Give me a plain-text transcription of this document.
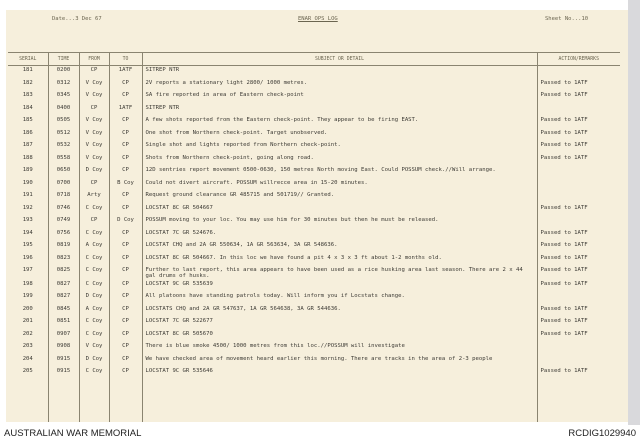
Date...3 Dec 67	ENAR OPS LOG	Sheet No...10
SERIAL	TIME	FROM	TO	SUBJECT OR DETAIL	ACTION/REMARKS
181	0200	CP	1ATF	SITREP NTR	
182	0312	V Coy	CP	2V reports a stationary light 2800/ 1000 metres.	Passed to 1ATF
183	0345	V Coy	CP	SA fire reported in area of Eastern check-point	Passed to 1ATF
184	0400	CP	1ATF	SITREP NTR	
185	0505	V Coy	CP	A few shots reported from the Eastern check-point. They appear to be firing EAST.	Passed to 1ATF
186	0512	V Coy	CP	One shot from Northern check-point. Target unobserved.	Passed to 1ATF
187	0532	V Coy	CP	Single shot and lights reported from Northern check-point.	Passed to 1ATF
188	0558	V Coy	CP	Shots from Northern check-point, going along road.	Passed to 1ATF
189	0650	D Coy	CP	12D sentries report movement 0500-0630, 150 metres North moving East. Could POSSUM check.//Will arrange.	
190	0700	CP	B Coy	Could not divert aircraft. POSSUM willrecce area in 15-20 minutes.	
191	0718	Arty	CP	Request ground clearance GR 485715 and 501719// Granted.	
192	0746	C Coy	CP	LOCSTAT 8C GR 504667	Passed to 1ATF
193	0749	CP	D Coy	POSSUM moving to your loc. You may use him for 30 minutes but then he must be released.	
194	0756	C Coy	CP	LOCSTAT 7C GR 524676.	Passed to 1ATF
195	0819	A Coy	CP	LOCSTAT CHQ and 2A GR 550634, 1A GR 563634, 3A GR 548636.	Passed to 1ATF
196	0823	C Coy	CP	LOCSTAT 8C GR 504667. In this loc we have found a pit 4 x 3 x 3 ft about 1-2 months old.	Passed to 1ATF
197	0825	C Coy	CP	Further to last report, this area appears to have been used as a rice husking area last season. There are 2 x 44 gal drums of husks.	Passed to 1ATF
198	0827	C Coy	CP	LOCSTAT 9C GR 535639	Passed to 1ATF
199	0827	D Coy	CP	All platoons have standing patrols today. Will inform you if Locstats change.	
200	0845	A Coy	CP	LOCSTATS CHQ and 2A GR 547637, 1A GR 564638, 3A GR 544636.	Passed to 1ATF
201	0851	C Coy	CP	LOCSTAT 7C GR 522677	Passed to 1ATF
202	0907	C Coy	CP	LOCSTAT 8C GR 505670	Passed to 1ATF
203	0908	V Coy	CP	There is blue smoke 4500/ 1000 metres from this loc.//POSSUM will investigate	
204	0915	D Coy	CP	We have checked area of movement heard earlier this morning. There are tracks in the area of 2-3 people	
205	0915	C Coy	CP	LOCSTAT 9C GR 535646	Passed to 1ATF

AUSTRALIAN WAR MEMORIAL	RCDIG1029940
